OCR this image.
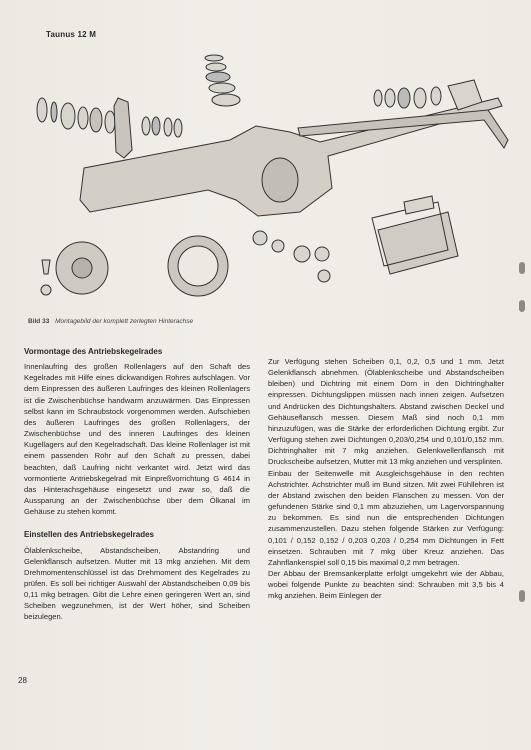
Taunus 12 M
Bild 33 Montagebild der komplett zerlegten Hinterachse
Vormontage des Antriebskegelrades

Innenlaufring des großen Rollenlagers auf den Schaft des Kegelrades mit Hilfe eines dickwandigen Rohres aufschlagen. Vor dem Einpressen des äußeren Laufringes des kleinen Rollenlagers ist die Zwischenbüchse handwarm anzuwärmen. Das Einpressen selbst kann im Schraubstock vorgenommen werden. Aufschieben des äußeren Laufringes des großen Rollenlagers, der Zwischenbüchse und des inneren Laufringes des kleinen Kugellagers auf den Kegelradschaft. Das kleine Rollenlager ist mit einem passenden Rohr auf den Schaft zu pressen, dabei beachten, daß Laufring nicht verkantet wird. Jetzt wird das vormontierte Antriebskegelrad mit Einpreßvorrichtung G 4614 in das Hinterachsgehäuse eingesetzt und zwar so, daß die Aussparung an der Zwischenbüchse über dem Ölkanal im Gehäuse zu stehen kommt.

Einstellen des Antriebskegelrades

Ölablenkscheibe, Abstandscheiben, Abstandring und Gelenkflansch aufsetzen. Mutter mit 13 mkg anziehen. Mit dem Drehmomentenschlüssel ist das Drehmoment des Kegelrades zu prüfen. Es soll bei richtiger Auswahl der Abstandscheiben 0,09 bis 0,11 mkg betragen. Gibt die Lehre einen geringeren Wert an, sind Scheiben wegzunehmen, ist der Wert höher, sind Scheiben beizulegen.

Zur Verfügung stehen Scheiben 0,1, 0,2, 0,5 und 1 mm. Jetzt Gelenkflansch abnehmen. (Ölablenkscheibe und Abstandscheiben bleiben) und Dichtring mit einem Dorn in den Dichtringhalter einpressen. Dichtungslippen müssen nach innen zeigen. Aufsetzen und Andrücken des Dichtungshalters. Abstand zwischen Deckel und Gehäuseflansch messen. Diesem Maß sind noch 0,1 mm hinzuzufügen, was die Stärke der erforderlichen Dichtung ergibt. Zur Verfügung stehen zwei Dichtungen 0,203/0,254 und 0,101/0,152 mm. Dichtringhalter mit 7 mkg anziehen. Gelenkwellenflansch mit Druckscheibe aufsetzen, Mutter mit 13 mkg anziehen und versplinten.

Einbau der Seitenwelle mit Ausgleichsgehäuse in den rechten Achstrichter. Achstrichter muß im Bund sitzen. Mit zwei Fühllehren ist der Abstand zwischen den beiden Flanschen zu messen. Von der gefundenen Stärke sind 0,1 mm abzuziehen, um Lagervorspannung zu bekommen. Es sind nun die entsprechenden Dichtungen zusammenzustellen. Dazu stehen folgende Stärken zur Verfügung: 0,101 / 0,152 0,152 / 0,203 0,203 / 0,254 mm Dichtungen in Fett einsetzen. Schrauben mit 7 mkg über Kreuz anziehen. Das Zahnflankenspiel soll 0,15 bis maximal 0,2 mm betragen.

Der Abbau der Bremsankerplatte erfolgt umgekehrt wie der Abbau, wobei folgende Punkte zu beachten sind: Schrauben mit 3,5 bis 4 mkg anziehen. Beim Einlegen der

28
